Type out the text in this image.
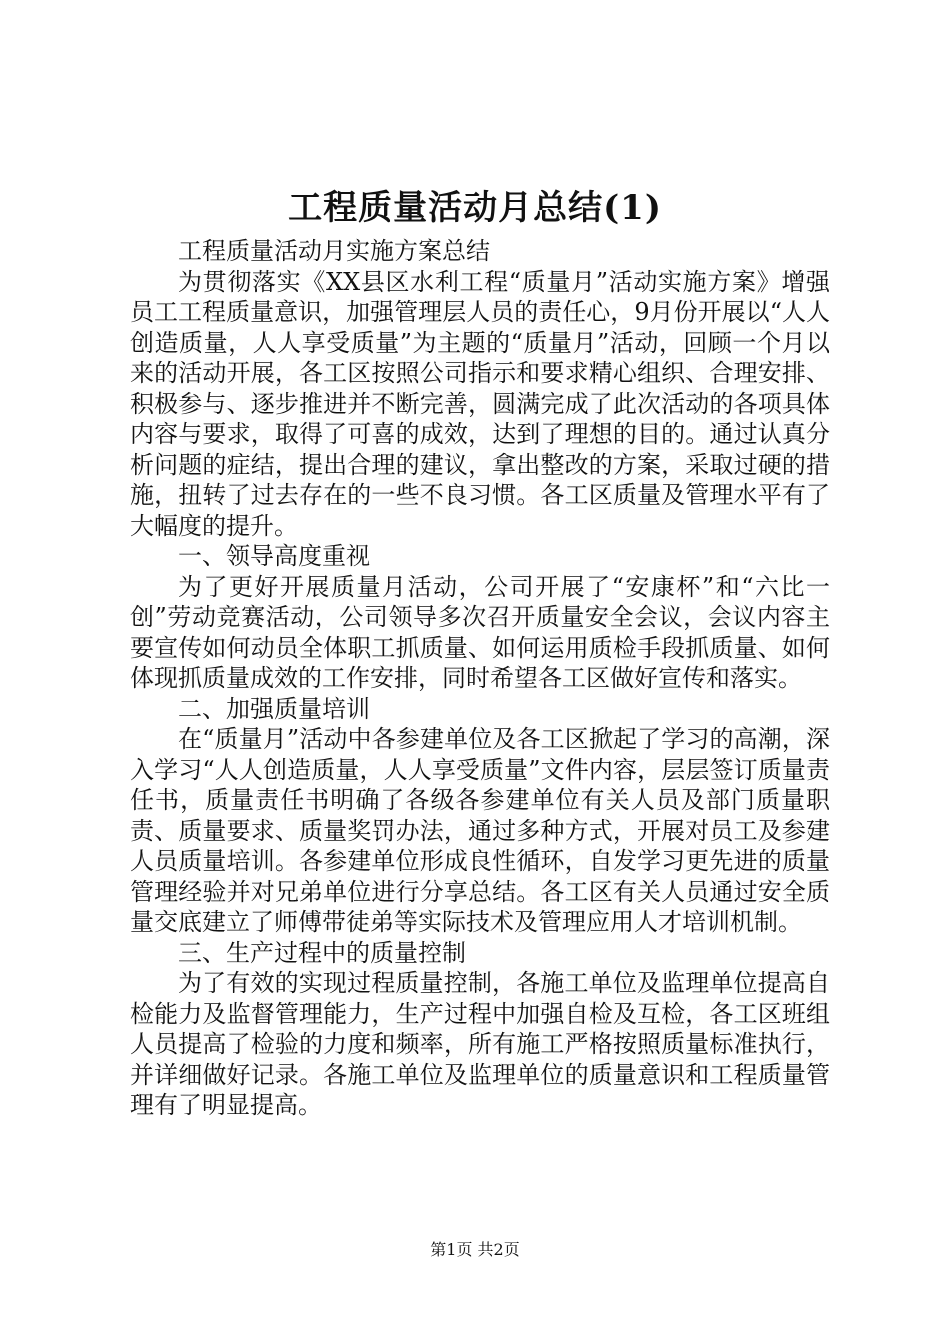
工程质量活动月总结(1)

工程质量活动月实施方案总结

为贯彻落实《XX县区水利工程“质量月”活动实施方案》增强员工工程质量意识，加强管理层人员的责任心，9月份开展以“人人创造质量，人人享受质量”为主题的“质量月”活动，回顾一个月以来的活动开展，各工区按照公司指示和要求精心组织、合理安排、积极参与、逐步推进并不断完善，圆满完成了此次活动的各项具体内容与要求，取得了可喜的成效，达到了理想的目的。通过认真分析问题的症结，提出合理的建议，拿出整改的方案，采取过硬的措施，扭转了过去存在的一些不良习惯。各工区质量及管理水平有了大幅度的提升。

一、领导高度重视

为了更好开展质量月活动，公司开展了“安康杯”和“六比一创”劳动竞赛活动，公司领导多次召开质量安全会议，会议内容主要宣传如何动员全体职工抓质量、如何运用质检手段抓质量、如何体现抓质量成效的工作安排，同时希望各工区做好宣传和落实。

二、加强质量培训

在“质量月”活动中各参建单位及各工区掀起了学习的高潮，深入学习“人人创造质量，人人享受质量”文件内容，层层签订质量责任书，质量责任书明确了各级各参建单位有关人员及部门质量职责、质量要求、质量奖罚办法，通过多种方式，开展对员工及参建人员质量培训。各参建单位形成良性循环，自发学习更先进的质量管理经验并对兄弟单位进行分享总结。各工区有关人员通过安全质量交底建立了师傅带徒弟等实际技术及管理应用人才培训机制。

三、生产过程中的质量控制

为了有效的实现过程质量控制，各施工单位及监理单位提高自检能力及监督管理能力，生产过程中加强自检及互检，各工区班组人员提高了检验的力度和频率，所有施工严格按照质量标准执行，并详细做好记录。各施工单位及监理单位的质量意识和工程质量管理有了明显提高。

第1页 共2页
